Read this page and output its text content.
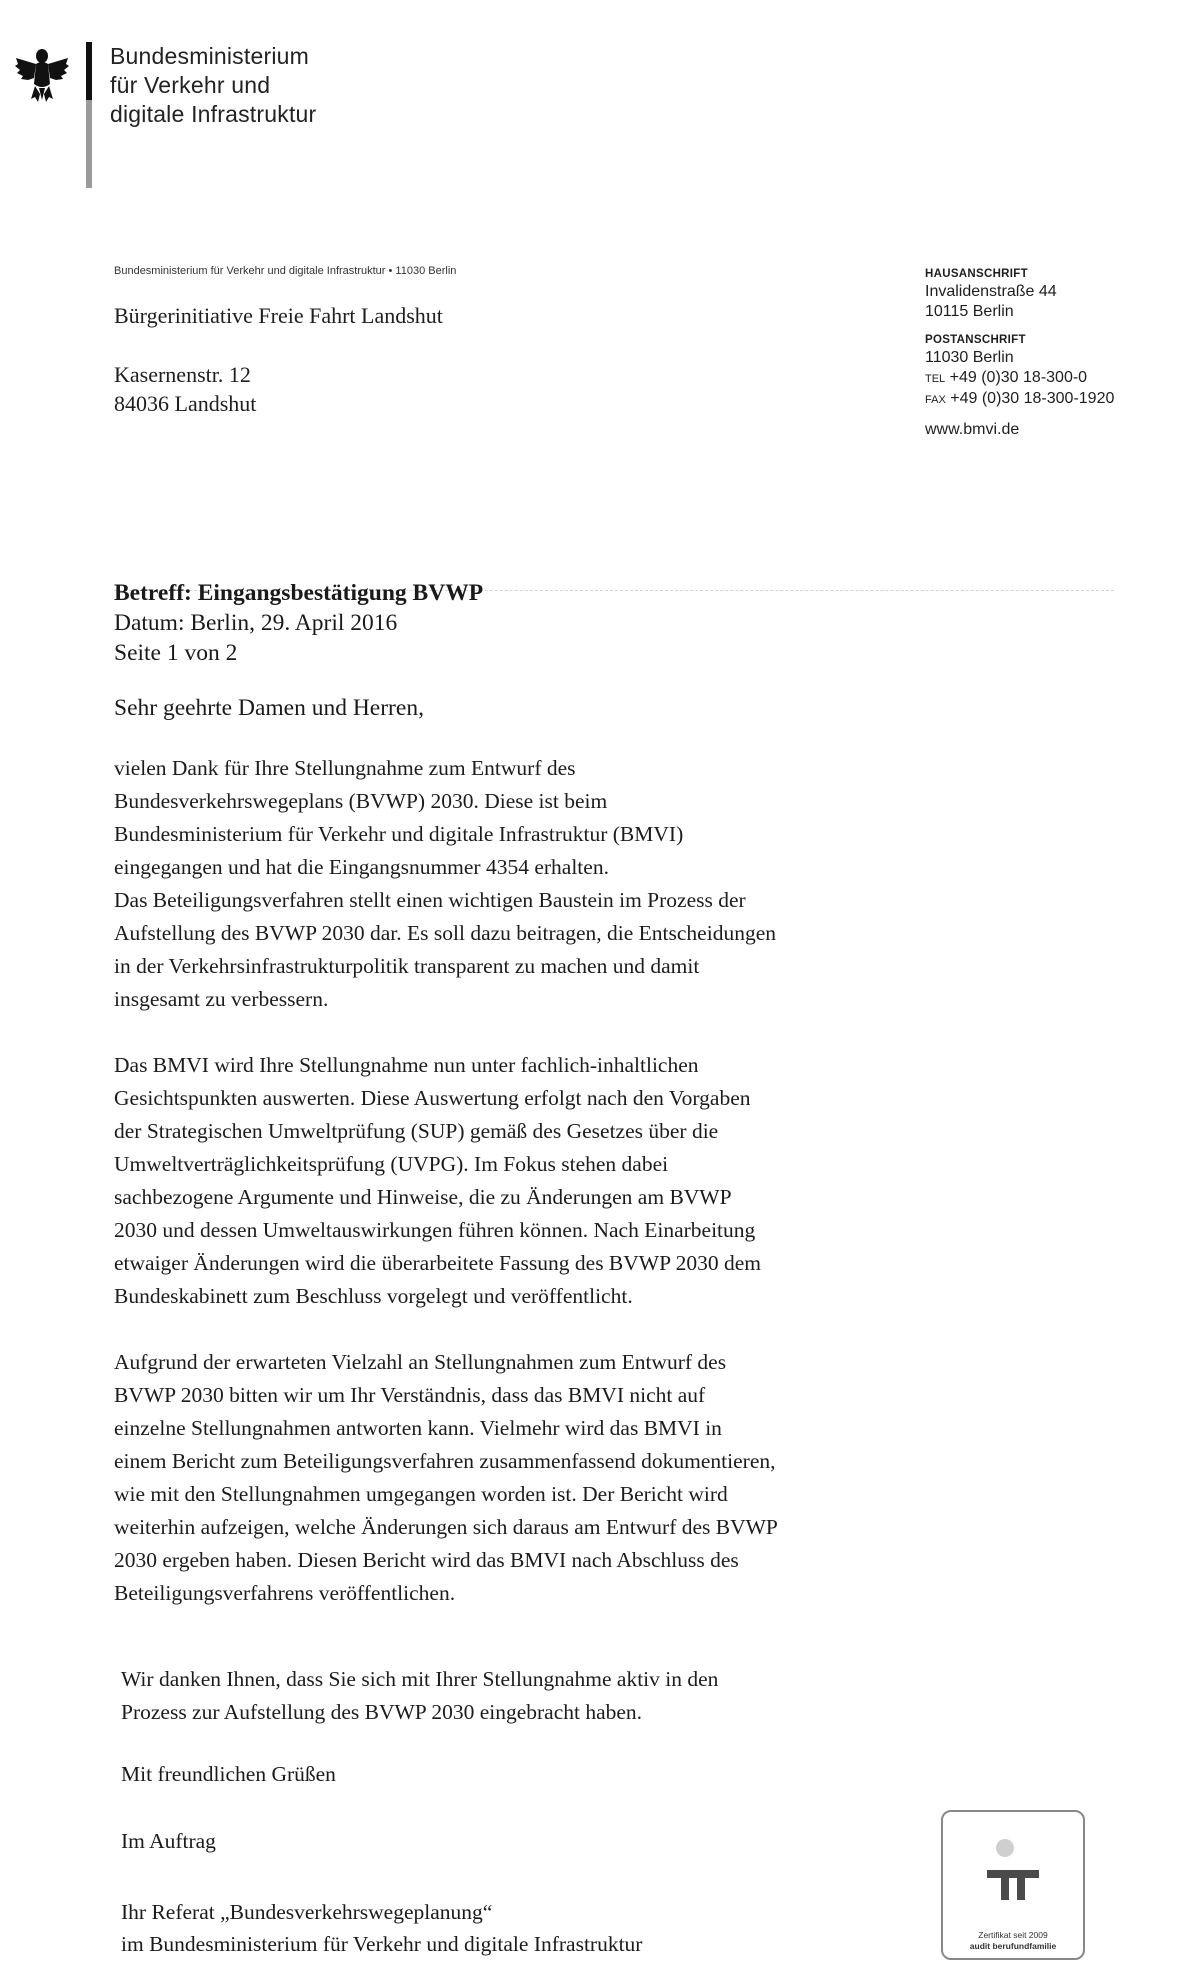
Bundesministerium
für Verkehr und
digitale Infrastruktur
Bundesministerium für Verkehr und digitale Infrastruktur • 11030 Berlin
Bürgerinitiative Freie Fahrt Landshut
Kasernenstr. 12
84036 Landshut
HAUSANSCHRIFT
Invalidenstraße 44
10115 Berlin
POSTANSCHRIFT
11030 Berlin
TEL +49 (0)30 18-300-0
FAX +49 (0)30 18-300-1920
www.bmvi.de
Betreff: Eingangsbestätigung BVWP
Datum: Berlin, 29. April 2016
Seite 1 von 2
Sehr geehrte Damen und Herren,
vielen Dank für Ihre Stellungnahme zum Entwurf des
Bundesverkehrswegeplans (BVWP) 2030. Diese ist beim
Bundesministerium für Verkehr und digitale Infrastruktur (BMVI)
eingegangen und hat die Eingangsnummer 4354 erhalten.
Das Beteiligungsverfahren stellt einen wichtigen Baustein im Prozess der
Aufstellung des BVWP 2030 dar. Es soll dazu beitragen, die Entscheidungen
in der Verkehrsinfrastrukturpolitik transparent zu machen und damit
insgesamt zu verbessern.
Das BMVI wird Ihre Stellungnahme nun unter fachlich-inhaltlichen
Gesichtspunkten auswerten. Diese Auswertung erfolgt nach den Vorgaben
der Strategischen Umweltprüfung (SUP) gemäß des Gesetzes über die
Umweltverträglichkeitsprüfung (UVPG). Im Fokus stehen dabei
sachbezogene Argumente und Hinweise, die zu Änderungen am BVWP
2030 und dessen Umweltauswirkungen führen können. Nach Einarbeitung
etwaiger Änderungen wird die überarbeitete Fassung des BVWP 2030 dem
Bundeskabinett zum Beschluss vorgelegt und veröffentlicht.
Aufgrund der erwarteten Vielzahl an Stellungnahmen zum Entwurf des
BVWP 2030 bitten wir um Ihr Verständnis, dass das BMVI nicht auf
einzelne Stellungnahmen antworten kann. Vielmehr wird das BMVI in
einem Bericht zum Beteiligungsverfahren zusammenfassend dokumentieren,
wie mit den Stellungnahmen umgegangen worden ist. Der Bericht wird
weiterhin aufzeigen, welche Änderungen sich daraus am Entwurf des BVWP
2030 ergeben haben. Diesen Bericht wird das BMVI nach Abschluss des
Beteiligungsverfahrens veröffentlichen.
Wir danken Ihnen, dass Sie sich mit Ihrer Stellungnahme aktiv in den
Prozess zur Aufstellung des BVWP 2030 eingebracht haben.
Mit freundlichen Grüßen
Im Auftrag
Ihr Referat „Bundesverkehrswegeplanung“
im Bundesministerium für Verkehr und digitale Infrastruktur	Zertifikat seit 2009
audit berufundfamilie
